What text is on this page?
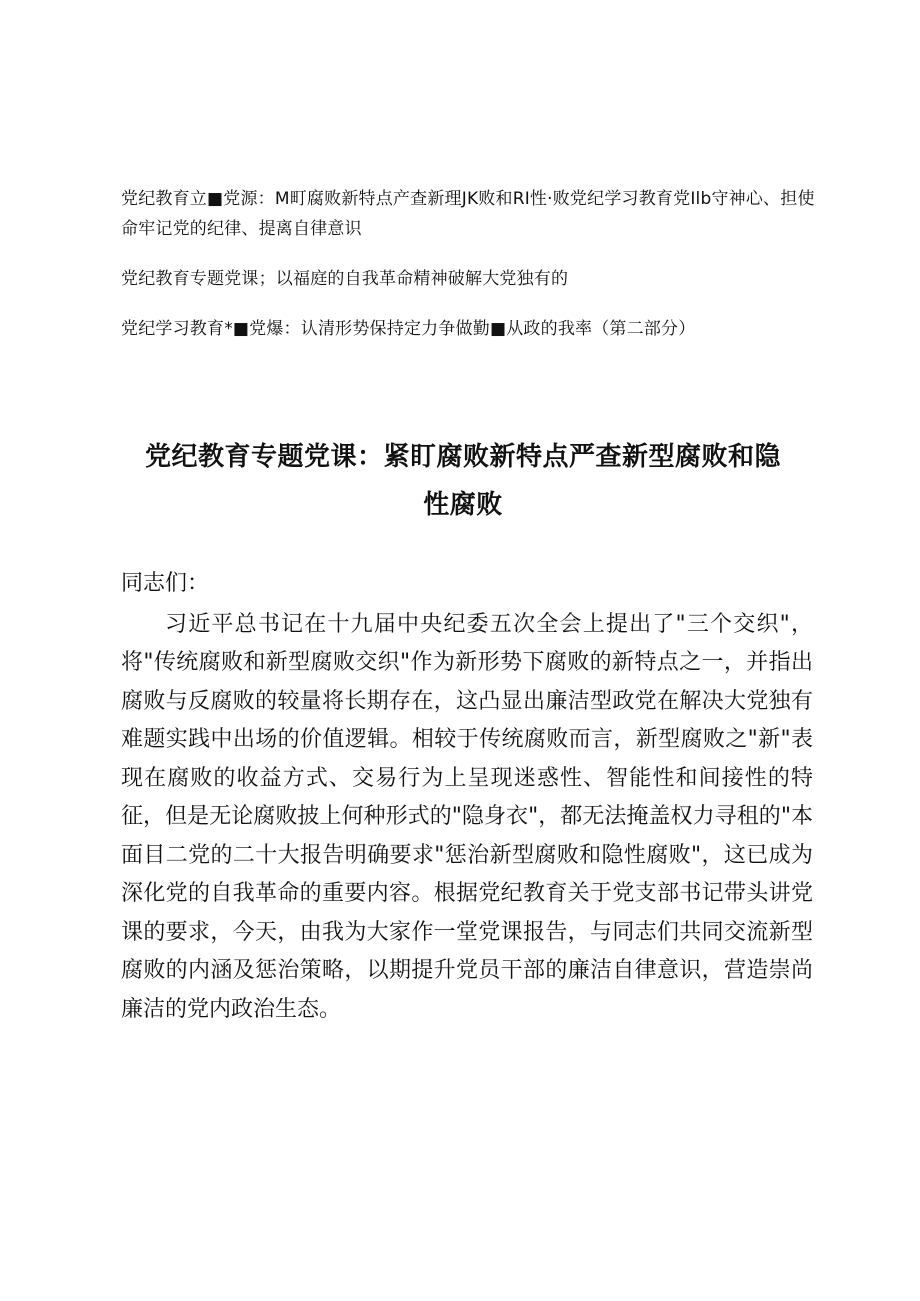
党纪教育立■党源：M町腐败新特点产查新理JK败和RI性·败党纪学习教育党Ilb守神心、担使命牢记党的纪律、提离自律意识

党纪教育专题党课；以福庭的自我革命精神破解大党独有的

党纪学习教育*■党爆：认清形势保持定力争做勤■从政的我率（第二部分）

党纪教育专题党课：紧盯腐败新特点严查新型腐败和隐
性腐败

同志们：

习近平总书记在十九届中央纪委五次全会上提出了"三个交织"，将"传统腐败和新型腐败交织"作为新形势下腐败的新特点之一，并指出腐败与反腐败的较量将长期存在，这凸显出廉洁型政党在解决大党独有难题实践中出场的价值逻辑。相较于传统腐败而言，新型腐败之"新"表现在腐败的收益方式、交易行为上呈现迷惑性、智能性和间接性的特征，但是无论腐败披上何种形式的"隐身衣"，都无法掩盖权力寻租的"本面目二党的二十大报告明确要求"惩治新型腐败和隐性腐败"，这已成为深化党的自我革命的重要内容。根据党纪教育关于党支部书记带头讲党课的要求，今天，由我为大家作一堂党课报告，与同志们共同交流新型腐败的内涵及惩治策略，以期提升党员干部的廉洁自律意识，营造崇尚廉洁的党内政治生态。
